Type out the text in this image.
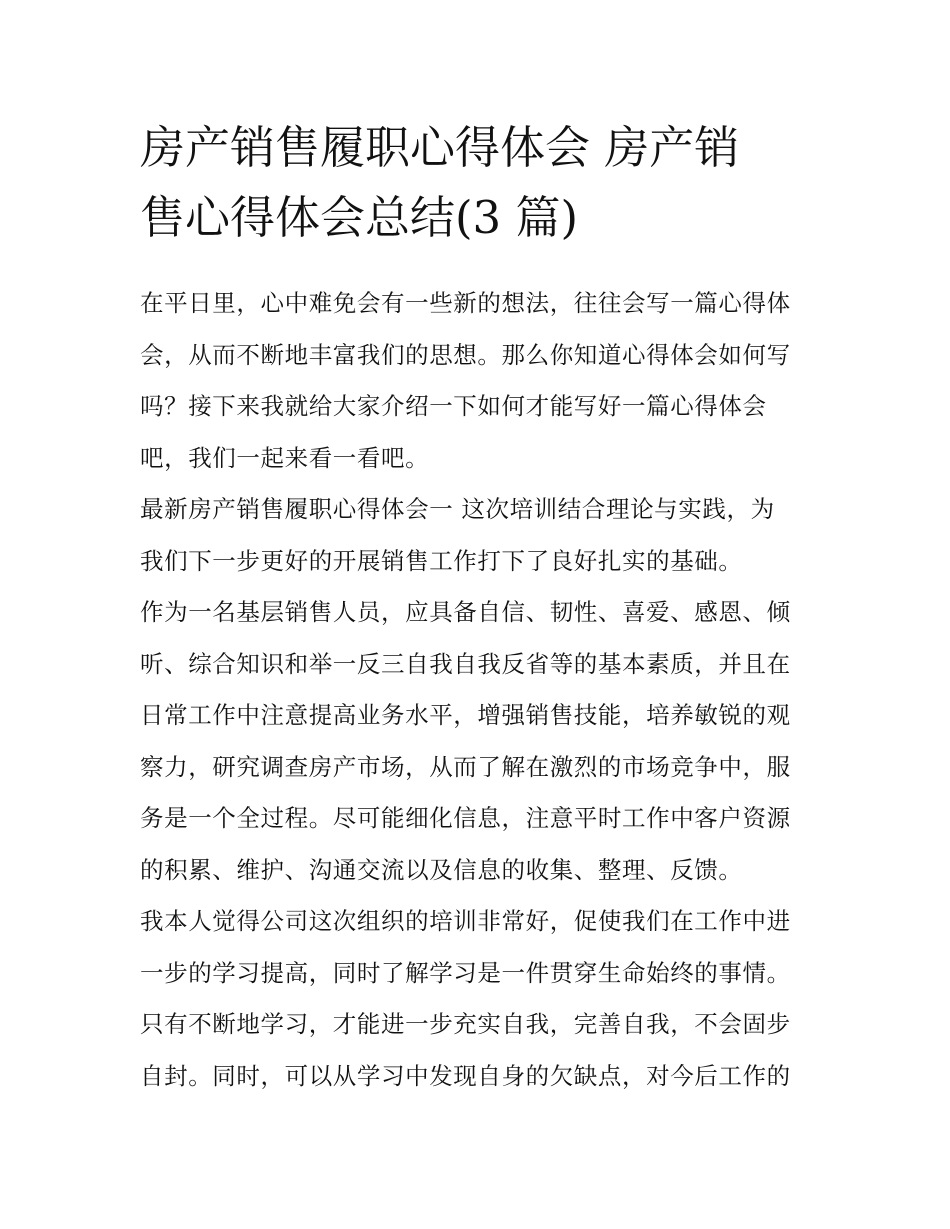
房产销售履职心得体会 房产销
售心得体会总结(3 篇)
在平日里，心中难免会有一些新的想法，往往会写一篇心得体
会，从而不断地丰富我们的思想。那么你知道心得体会如何写
吗？接下来我就给大家介绍一下如何才能写好一篇心得体会
吧，我们一起来看一看吧。
最新房产销售履职心得体会一 这次培训结合理论与实践，为
我们下一步更好的开展销售工作打下了良好扎实的基础。
作为一名基层销售人员，应具备自信、韧性、喜爱、感恩、倾
听、综合知识和举一反三自我自我反省等的基本素质，并且在
日常工作中注意提高业务水平，增强销售技能，培养敏锐的观
察力，研究调查房产市场，从而了解在激烈的市场竞争中，服
务是一个全过程。尽可能细化信息，注意平时工作中客户资源
的积累、维护、沟通交流以及信息的收集、整理、反馈。
我本人觉得公司这次组织的培训非常好，促使我们在工作中进
一步的学习提高，同时了解学习是一件贯穿生命始终的事情。
只有不断地学习，才能进一步充实自我，完善自我，不会固步
自封。同时，可以从学习中发现自身的欠缺点，对今后工作的
